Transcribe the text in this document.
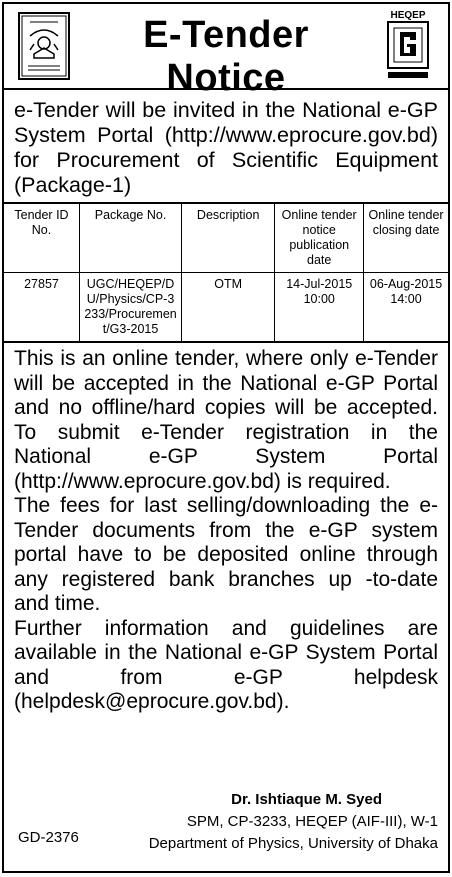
E-Tender Notice
HEQEP
e-Tender will be invited in the National e-GP
System Portal (http://www.eprocure.gov.bd)
for Procurement of Scientific Equipment
(Package-1)
Tender ID No.	Package No.	Description	Online tender notice publication date	Online tender closing date
27857	UGC/HEQEP/DU/Physics/CP-3233/Procurement/G3-2015	OTM	14-Jul-2015 10:00	06-Aug-2015 14:00
This is an online tender, where only e-Tender
will be accepted in the National e-GP Portal
and no offline/hard copies will be accepted.
To submit e-Tender registration in the
National e-GP System Portal
(http://www.eprocure.gov.bd) is required.
The fees for last selling/downloading the e-
Tender documents from the e-GP system
portal have to be deposited online through
any registered bank branches up -to-date
and time.
Further information and guidelines are
available in the National e-GP System Portal
and from e-GP helpdesk
(helpdesk@eprocure.gov.bd).
Dr. Ishtiaque M. Syed
SPM, CP-3233, HEQEP (AIF-III), W-1
Department of Physics, University of Dhaka
GD-2376
